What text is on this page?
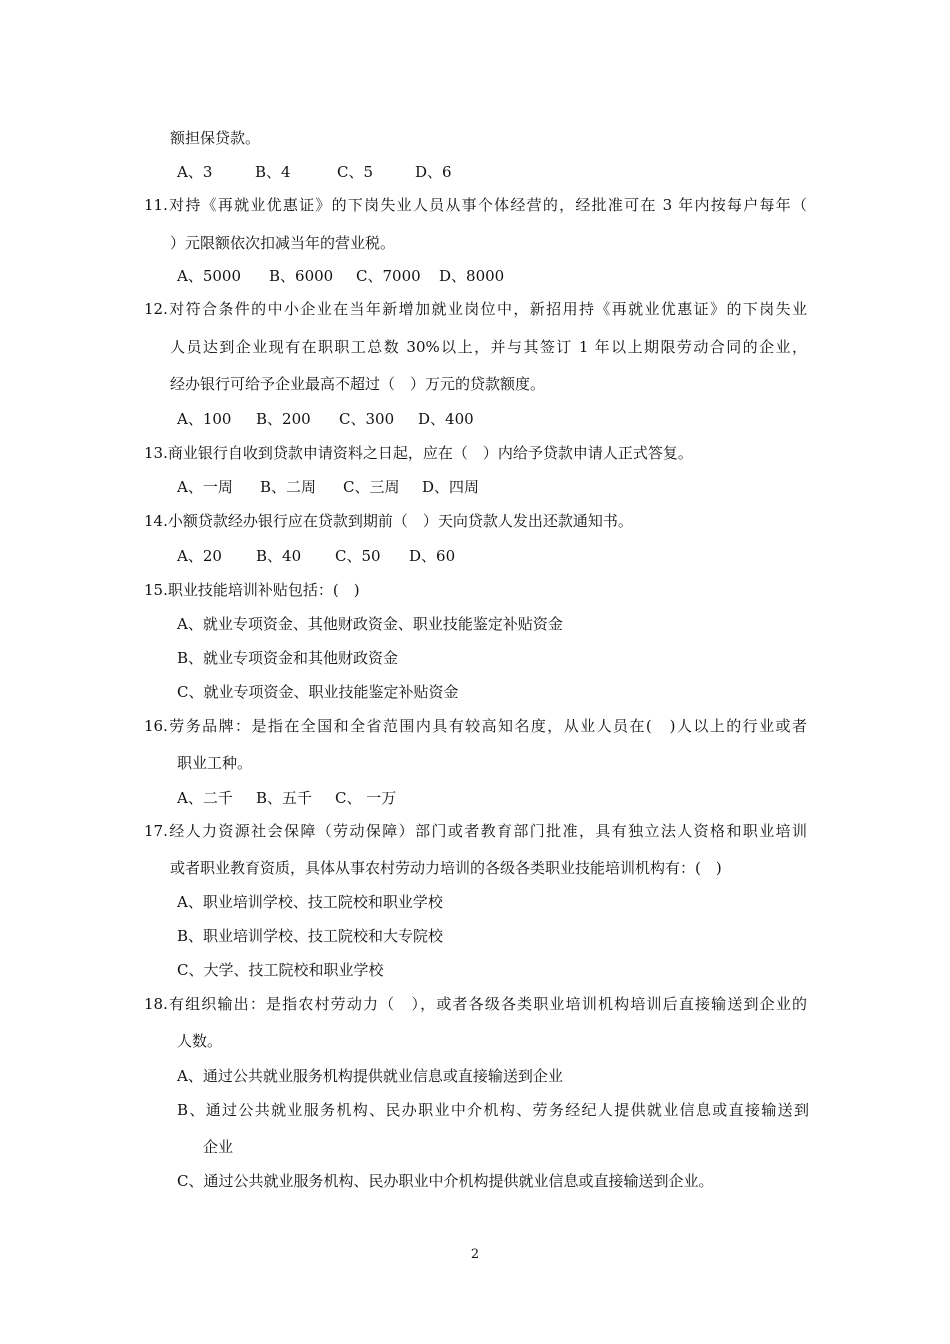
额担保贷款。
A、3	B、4	C、5	D、6
11.对持《再就业优惠证》的下岗失业人员从事个体经营的，经批准可在 3 年内按每户每年（
）元限额依次扣减当年的营业税。
A、5000 B、6000 C、7000 D、8000
12.对符合条件的中小企业在当年新增加就业岗位中，新招用持《再就业优惠证》的下岗失业
人员达到企业现有在职职工总数 30%以上，并与其签订 1 年以上期限劳动合同的企业，
经办银行可给予企业最高不超过（　）万元的贷款额度。
A、100 B、200 C、300 D、400
13.商业银行自收到贷款申请资料之日起，应在（　）内给予贷款申请人正式答复。
A、一周 B、二周 C、三周 D、四周
14.小额贷款经办银行应在贷款到期前（　）天向贷款人发出还款通知书。
A、20 B、40 C、50 D、60
15.职业技能培训补贴包括：(　)
A、就业专项资金、其他财政资金、职业技能鉴定补贴资金
B、就业专项资金和其他财政资金
C、就业专项资金、职业技能鉴定补贴资金
16.劳务品牌：是指在全国和全省范围内具有较高知名度，从业人员在(　)人以上的行业或者
职业工种。
A、二千 B、五千 C、 一万
17.经人力资源社会保障（劳动保障）部门或者教育部门批准，具有独立法人资格和职业培训
或者职业教育资质，具体从事农村劳动力培训的各级各类职业技能培训机构有：(　)
A、职业培训学校、技工院校和职业学校
B、职业培训学校、技工院校和大专院校
C、大学、技工院校和职业学校
18.有组织输出：是指农村劳动力（　），或者各级各类职业培训机构培训后直接输送到企业的
人数。
A、通过公共就业服务机构提供就业信息或直接输送到企业
B、通过公共就业服务机构、民办职业中介机构、劳务经纪人提供就业信息或直接输送到
企业
C、通过公共就业服务机构、民办职业中介机构提供就业信息或直接输送到企业。
2
